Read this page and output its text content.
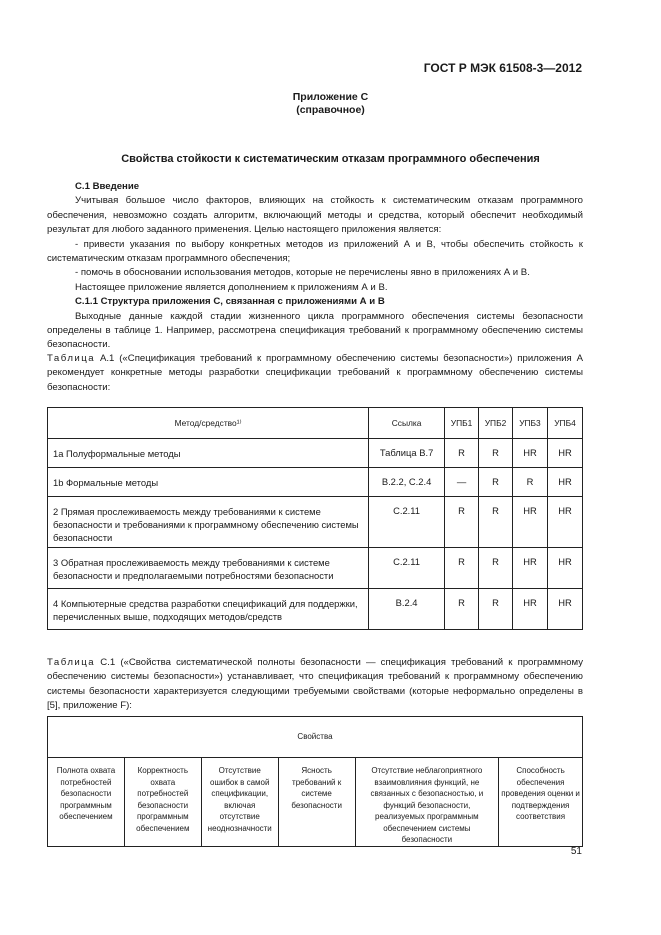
ГОСТ Р МЭК 61508-3—2012
Приложение С
(справочное)
Свойства стойкости к систематическим отказам программного обеспечения

С.1 Введение

Учитывая большое число факторов, влияющих на стойкость к систематическим отказам программного обеспечения, невозможно создать алгоритм, включающий методы и средства, который обеспечит необходимый результат для любого заданного применения. Целью настоящего приложения является:

- привести указания по выбору конкретных методов из приложений А и В, чтобы обеспечить стойкость к систематическим отказам программного обеспечения;

- помочь в обосновании использования методов, которые не перечислены явно в приложениях А и В.

Настоящее приложение является дополнением к приложениям А и В.

С.1.1 Структура приложения С, связанная с приложениями А и В

Выходные данные каждой стадии жизненного цикла программного обеспечения системы безопасности определены в таблице 1. Например, рассмотрена спецификация требований к программному обеспечению системы безопасности.

Таблица А.1 («Спецификация требований к программному обеспечению системы безопасности») приложения А рекомендует конкретные методы разработки спецификации требований к программному обеспечению системы безопасности:
Метод/средство¹⁾	Ссылка	УПБ1	УПБ2	УПБ3	УПБ4
1а Полуформальные методы	Таблица В.7	R	R	HR	HR
1b Формальные методы	В.2.2, С.2.4	—	R	R	HR
2 Прямая прослеживаемость между требованиями к системе безопасности и требованиями к программному обеспечению системы безопасности	С.2.11	R	R	HR	HR
3 Обратная прослеживаемость между требованиями к системе безопасности и предполагаемыми потребностями безопасности	С.2.11	R	R	HR	HR
4 Компьютерные средства разработки спецификаций для поддержки, перечисленных выше, подходящих методов/средств	В.2.4	R	R	HR	HR
Таблица С.1 («Свойства систематической полноты безопасности — спецификация требований к программному обеспечению системы безопасности») устанавливает, что спецификация требований к программному обеспечению системы безопасности характеризуется следующими требуемыми свойствами (которые неформально определены в [5], приложение F):
Свойства
Полнота охвата потребностей безопасности программным обеспечением	Корректность охвата потребностей безопасности программным обеспечением	Отсутствие ошибок в самой спецификации, включая отсутствие неоднозначности	Ясность требований к системе безопасности	Отсутствие неблагоприятного взаимовлияния функций, не связанных с безопасностью, и функций безопасности, реализуемых программным обеспечением системы безопасности	Способность обеспечения проведения оценки и подтверждения соответствия
51
